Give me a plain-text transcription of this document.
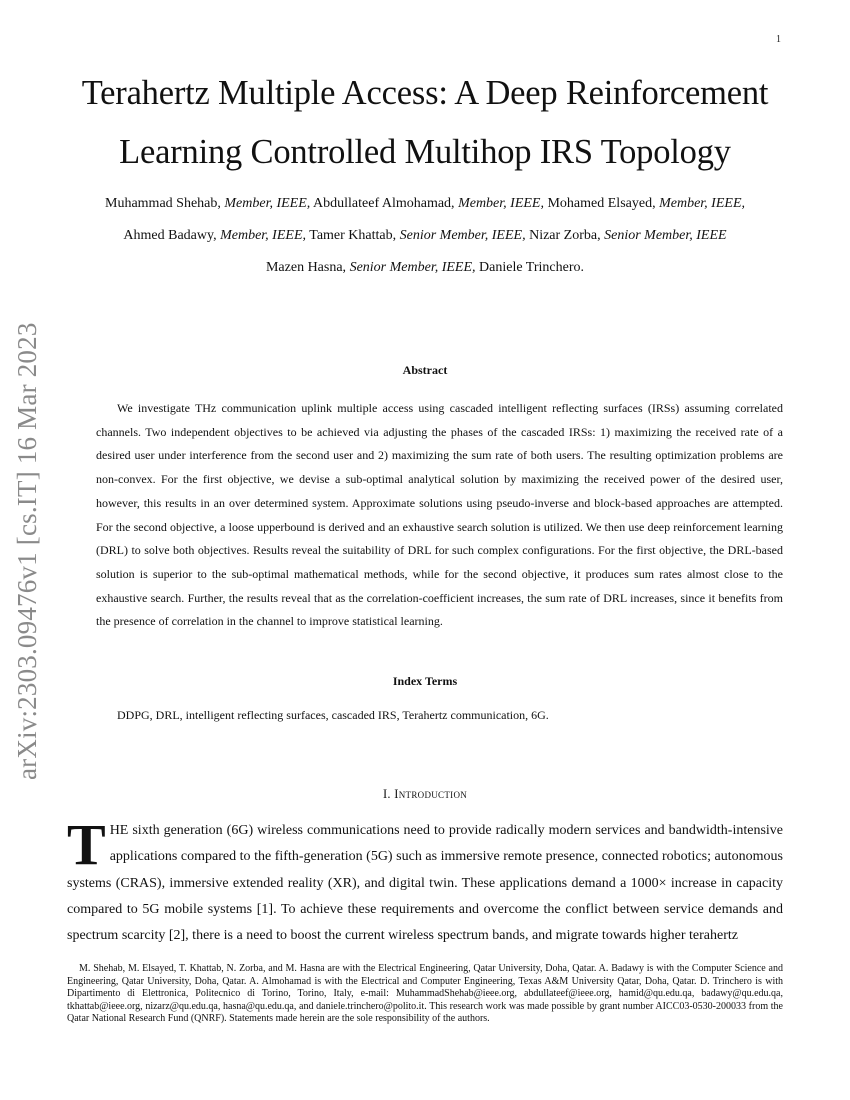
1
arXiv:2303.09476v1 [cs.IT] 16 Mar 2023
Terahertz Multiple Access: A Deep Reinforcement
Learning Controlled Multihop IRS Topology
Muhammad Shehab, Member, IEEE, Abdullateef Almohamad, Member, IEEE, Mohamed Elsayed, Member, IEEE,
Ahmed Badawy, Member, IEEE, Tamer Khattab, Senior Member, IEEE, Nizar Zorba, Senior Member, IEEE
Mazen Hasna, Senior Member, IEEE, Daniele Trinchero.
Abstract

We investigate THz communication uplink multiple access using cascaded intelligent reflecting surfaces (IRSs) assuming correlated channels. Two independent objectives to be achieved via adjusting the phases of the cascaded IRSs: 1) maximizing the received rate of a desired user under interference from the second user and 2) maximizing the sum rate of both users. The resulting optimization problems are non-convex. For the first objective, we devise a sub-optimal analytical solution by maximizing the received power of the desired user, however, this results in an over determined system. Approximate solutions using pseudo-inverse and block-based approaches are attempted. For the second objective, a loose upperbound is derived and an exhaustive search solution is utilized. We then use deep reinforcement learning (DRL) to solve both objectives. Results reveal the suitability of DRL for such complex configurations. For the first objective, the DRL-based solution is superior to the sub-optimal mathematical methods, while for the second objective, it produces sum rates almost close to the exhaustive search. Further, the results reveal that as the correlation-coefficient increases, the sum rate of DRL increases, since it benefits from the presence of correlation in the channel to improve statistical learning.

Index Terms
DDPG, DRL, intelligent reflecting surfaces, cascaded IRS, Terahertz communication, 6G.
I. Introduction

THE sixth generation (6G) wireless communications need to provide radically modern services and bandwidth-intensive applications compared to the fifth-generation (5G) such as immersive remote presence, connected robotics; autonomous systems (CRAS), immersive extended reality (XR), and digital twin. These applications demand a 1000× increase in capacity compared to 5G mobile systems [1]. To achieve these requirements and overcome the conflict between service demands and spectrum scarcity [2], there is a need to boost the current wireless spectrum bands, and migrate towards higher terahertz

M. Shehab, M. Elsayed, T. Khattab, N. Zorba, and M. Hasna are with the Electrical Engineering, Qatar University, Doha, Qatar. A. Badawy is with the Computer Science and Engineering, Qatar University, Doha, Qatar. A. Almohamad is with the Electrical and Computer Engineering, Texas A&M University Qatar, Doha, Qatar. D. Trinchero is with Dipartimento di Elettronica, Politecnico di Torino, Torino, Italy, e-mail: MuhammadShehab@ieee.org, abdullateef@ieee.org, hamid@qu.edu.qa, badawy@qu.edu.qa, tkhattab@ieee.org, nizarz@qu.edu.qa, hasna@qu.edu.qa, and daniele.trinchero@polito.it. This research work was made possible by grant number AICC03-0530-200033 from the Qatar National Research Fund (QNRF). Statements made herein are the sole responsibility of the authors.
